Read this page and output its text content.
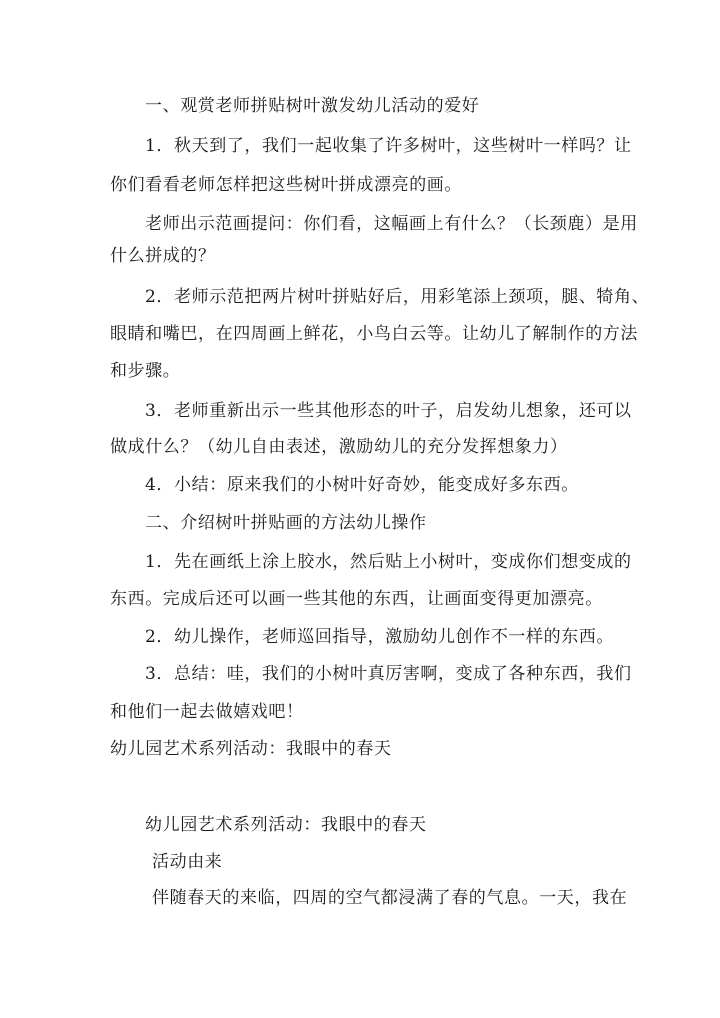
一、观赏老师拼贴树叶激发幼儿活动的爱好
1．秋天到了，我们一起收集了许多树叶，这些树叶一样吗？让
你们看看老师怎样把这些树叶拼成漂亮的画。
老师出示范画提问：你们看，这幅画上有什么？（长颈鹿）是用
什么拼成的？
2．老师示范把两片树叶拼贴好后，用彩笔添上颈项，腿、犄角、
眼睛和嘴巴，在四周画上鲜花，小鸟白云等。让幼儿了解制作的方法
和步骤。
3．老师重新出示一些其他形态的叶子，启发幼儿想象，还可以
做成什么？（幼儿自由表述，激励幼儿的充分发挥想象力）
4．小结：原来我们的小树叶好奇妙，能变成好多东西。
二、介绍树叶拼贴画的方法幼儿操作
1．先在画纸上涂上胶水，然后贴上小树叶，变成你们想变成的
东西。完成后还可以画一些其他的东西，让画面变得更加漂亮。
2．幼儿操作，老师巡回指导，激励幼儿创作不一样的东西。
3．总结：哇，我们的小树叶真厉害啊，变成了各种东西，我们
和他们一起去做嬉戏吧！
幼儿园艺术系列活动：我眼中的春天
幼儿园艺术系列活动：我眼中的春天
活动由来
伴随春天的来临，四周的空气都浸满了春的气息。一天，我在
